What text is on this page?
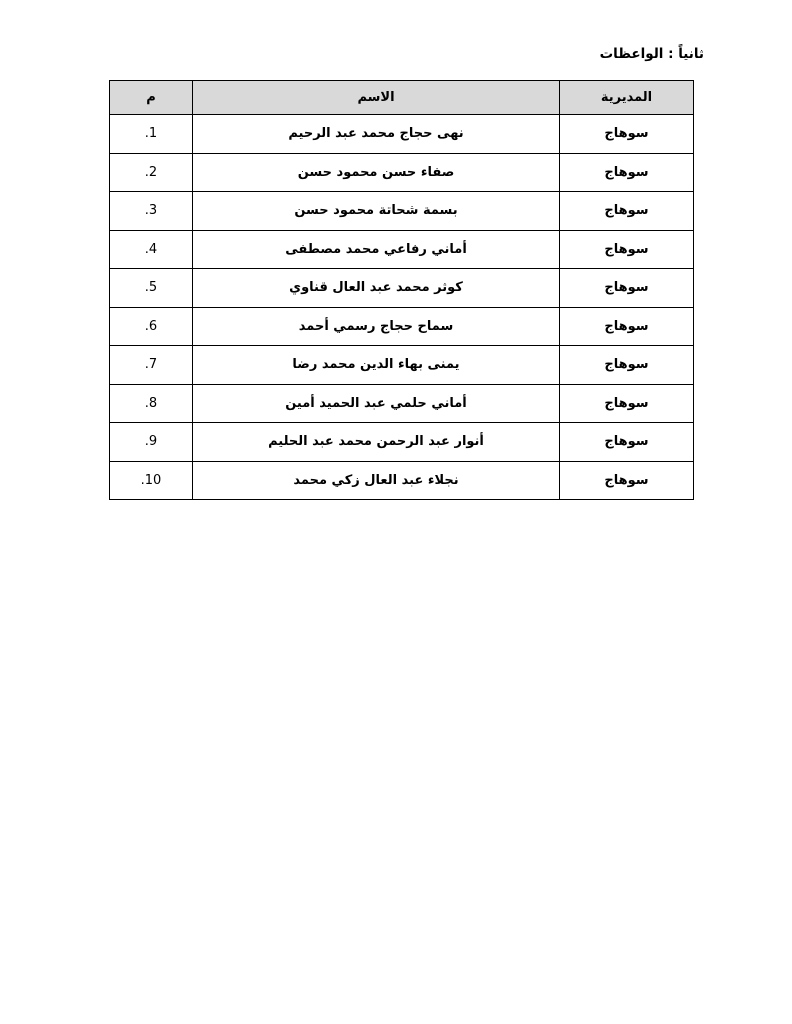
ثانياً : الواعظات
المديرية	الاسم	م
سوهاج	نهى حجاج محمد عبد الرحيم	.1
سوهاج	صفاء حسن محمود حسن	.2
سوهاج	بسمة شحاتة محمود حسن	.3
سوهاج	أماني رفاعي محمد مصطفى	.4
سوهاج	كوثر محمد عبد العال قناوي	.5
سوهاج	سماح حجاج رسمي أحمد	.6
سوهاج	يمنى بهاء الدين محمد رضا	.7
سوهاج	أماني حلمي عبد الحميد أمين	.8
سوهاج	أنوار عبد الرحمن محمد عبد الحليم	.9
سوهاج	نجلاء عبد العال زكي محمد	.10
